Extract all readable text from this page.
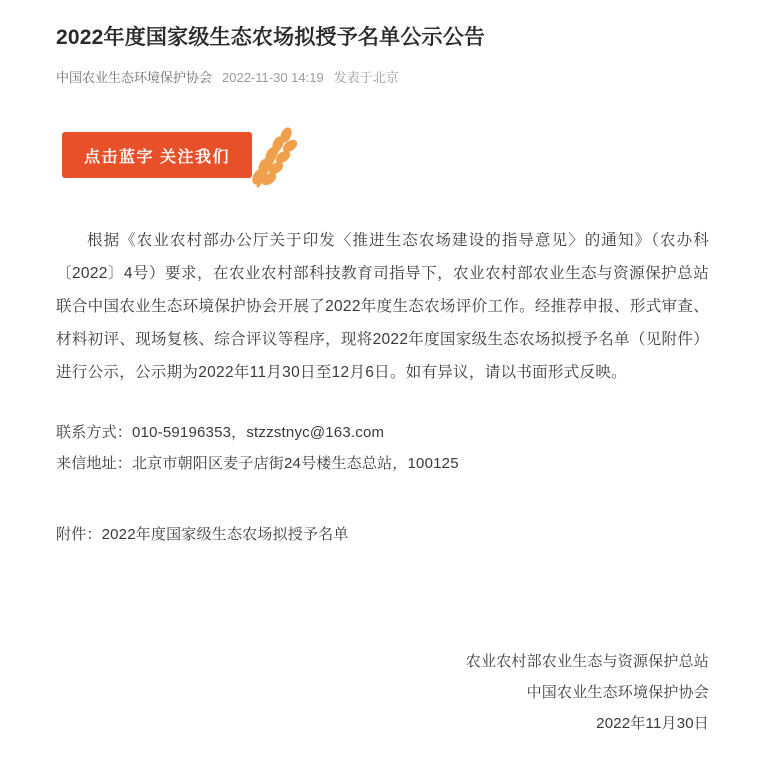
2022年度国家级生态农场拟授予名单公示公告
中国农业生态环境保护协会 2022-11-30 14:19 发表于北京
点击蓝字 关注我们

根据《农业农村部办公厅关于印发〈推进生态农场建设的指导意见〉的通知》（农办科〔2022〕4号）要求，在农业农村部科技教育司指导下，农业农村部农业生态与资源保护总站联合中国农业生态环境保护协会开展了2022年度生态农场评价工作。经推荐申报、形式审查、材料初评、现场复核、综合评议等程序，现将2022年度国家级生态农场拟授予名单（见附件）进行公示，公示期为2022年11月30日至12月6日。如有异议，请以书面形式反映。

联系方式：010-59196353，stzzstnyc@163.com
来信地址：北京市朝阳区麦子店街24号楼生态总站，100125
附件：2022年度国家级生态农场拟授予名单
农业农村部农业生态与资源保护总站
中国农业生态环境保护协会
2022年11月30日
